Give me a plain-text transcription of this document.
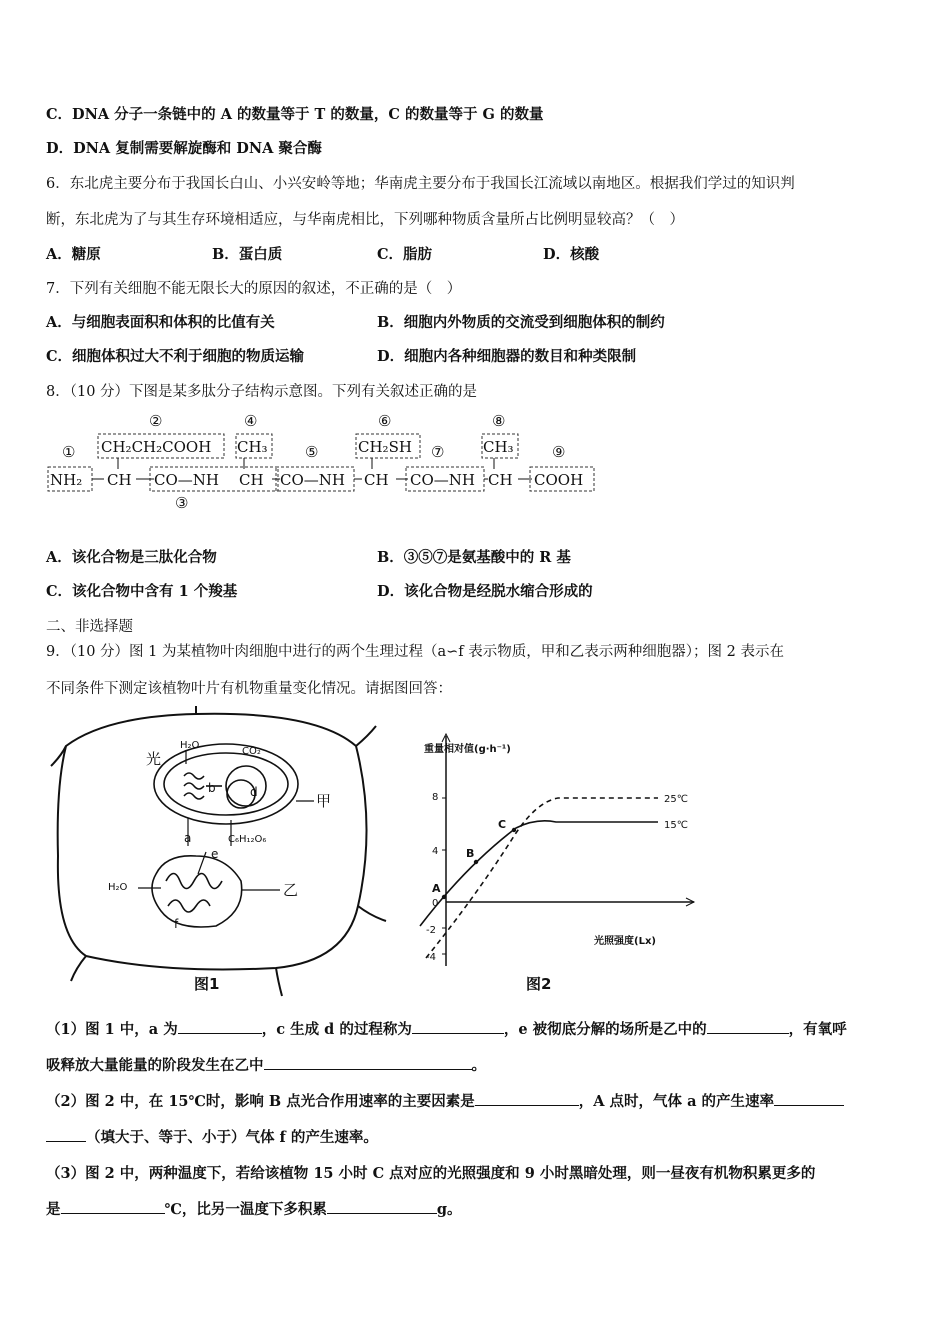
C．DNA 分子一条链中的 A 的数量等于 T 的数量，C 的数量等于 G 的数量
D．DNA 复制需要解旋酶和 DNA 聚合酶
6．东北虎主要分布于我国长白山、小兴安岭等地；华南虎主要分布于我国长江流域以南地区。根据我们学过的知识判
断，东北虎为了与其生存环境相适应，与华南虎相比，下列哪种物质含量所占比例明显较高？（　）
A．糖原	B．蛋白质	C．脂肪	D．核酸
7．下列有关细胞不能无限长大的原因的叙述，不正确的是（　）
A．与细胞表面积和体积的比值有关	B．细胞内外物质的交流受到细胞体积的制约
C．细胞体积过大不利于细胞的物质运输	D．细胞内各种细胞器的数目和种类限制
8．（10 分）下图是某多肽分子结构示意图。下列有关叙述正确的是
①
②
③
④
⑤
⑥
⑦
⑧
⑨
CH₂CH₂COOH CH₃	CH₂SH	CH₃
NH₂ CH CO—NH CH CO—NH CH CO—NH CH COOH
A．该化合物是三肽化合物	B．③⑤⑦是氨基酸中的 R 基
C．该化合物中含有 1 个羧基	D．该化合物是经脱水缩合形成的
二、非选择题
9．（10 分）图 1 为某植物叶肉细胞中进行的两个生理过程（a∽f 表示物质，甲和乙表示两种细胞器）；图 2 表示在
不同条件下测定该植物叶片有机物重量变化情况。请据图回答：
光
H₂O
CO₂
b	d
a	C₆H₁₂O₆
e
H₂O
f
甲
乙
图1
重量相对值(g·h⁻¹)
光照强度(Lx)
8
4
0
-2
-4
A
B
C
25℃
15℃
图2
（1）图 1 中，a 为	，c 生成 d 的过程称为	，e 被彻底分解的场所是乙中的	，有氧呼
吸释放大量能量的阶段发生在乙中	。
（2）图 2 中，在 15℃时，影响 B 点光合作用速率的主要因素是	，A 点时，气体 a 的产生速率
（填大于、等于、小于）气体 f 的产生速率。
（3）图 2 中，两种温度下，若给该植物 15 小时 C 点对应的光照强度和 9 小时黑暗处理，则一昼夜有机物积累更多的
是	℃，比另一温度下多积累	g。
